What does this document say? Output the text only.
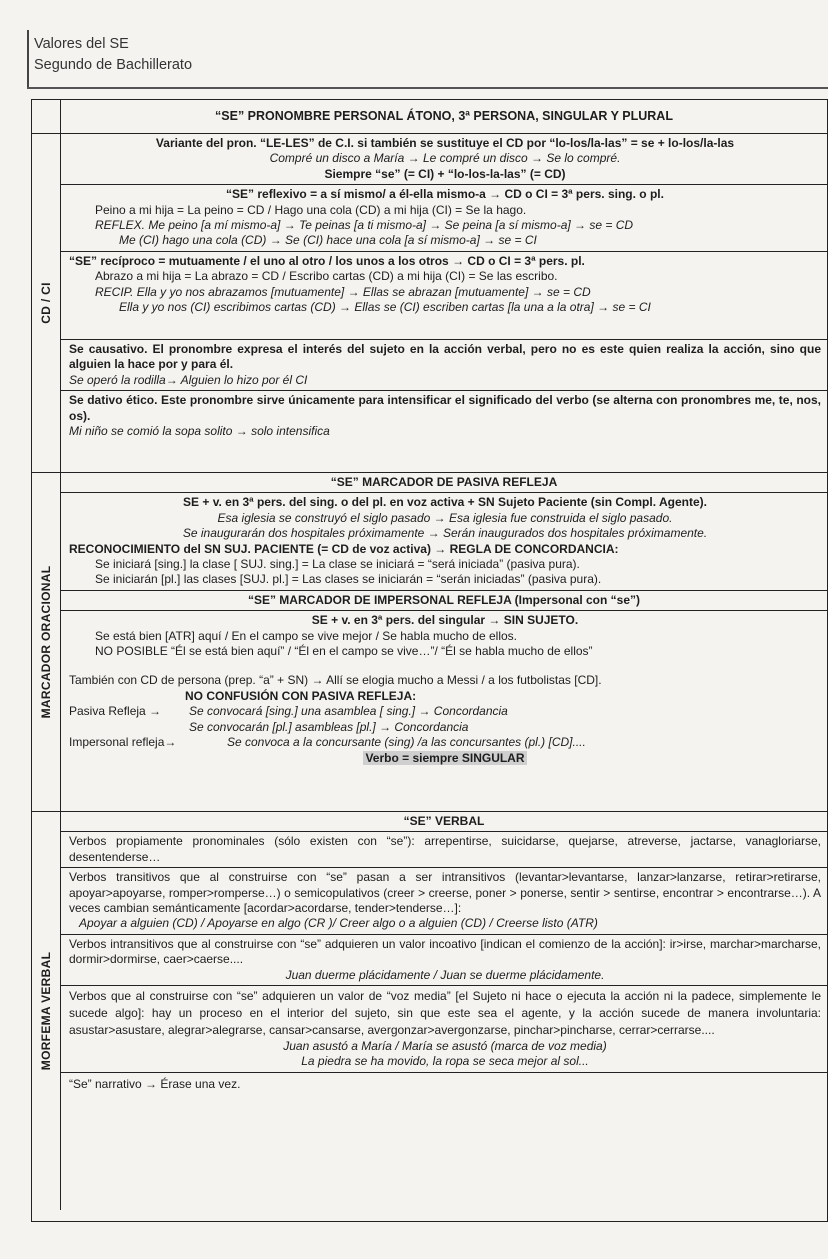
Valores del SE
Segundo de Bachillerato
“SE” PRONOMBRE PERSONAL ÁTONO, 3ª PERSONA, SINGULAR Y PLURAL
CD / CI
Variante del pron. “LE-LES” de C.I. si también se sustituye el CD por “lo-los/la-las” = se + lo-los/la-las
Compré un disco a María → Le compré un disco → Se lo compré.
Siempre “se” (= CI) + “lo-los-la-las” (= CD)
“SE” reflexivo = a sí mismo/ a él-ella mismo-a → CD o CI = 3ª pers. sing. o pl.
Peino a mi hija = La peino = CD / Hago una cola (CD) a mi hija (CI) = Se la hago.
REFLEX. Me peino [a mí mismo-a] → Te peinas [a ti mismo-a] → Se peina [a sí mismo-a] → se = CD
Me (CI) hago una cola (CD) → Se (CI) hace una cola [a sí mismo-a] → se = CI
“SE” recíproco = mutuamente / el uno al otro / los unos a los otros → CD o CI = 3ª pers. pl.
Abrazo a mi hija = La abrazo = CD / Escribo cartas (CD) a mi hija (CI) = Se las escribo.
RECIP. Ella y yo nos abrazamos [mutuamente] → Ellas se abrazan [mutuamente] → se = CD
Ella y yo nos (CI) escribimos cartas (CD) → Ellas se (CI) escriben cartas [la una a la otra] → se = CI
Se causativo. El pronombre expresa el interés del sujeto en la acción verbal, pero no es este quien realiza la acción, sino que alguien la hace por y para él.
Se operó la rodilla→ Alguien lo hizo por él CI
Se dativo ético. Este pronombre sirve únicamente para intensificar el significado del verbo (se alterna con pronombres me, te, nos, os).
Mi niño se comió la sopa solito → solo intensifica
MARCADOR ORACIONAL
“SE” MARCADOR DE PASIVA REFLEJA
SE + v. en 3ª pers. del sing. o del pl. en voz activa + SN Sujeto Paciente (sin Compl. Agente).
Esa iglesia se construyó el siglo pasado → Esa iglesia fue construida el siglo pasado.
Se inaugurarán dos hospitales próximamente → Serán inaugurados dos hospitales próximamente.
RECONOCIMIENTO del SN SUJ. PACIENTE (= CD de voz activa) → REGLA DE CONCORDANCIA:
Se iniciará [sing.] la clase [ SUJ. sing.] = La clase se iniciará = “será iniciada” (pasiva pura).
Se iniciarán [pl.] las clases [SUJ. pl.] = Las clases se iniciarán = “serán iniciadas” (pasiva pura).
“SE” MARCADOR DE IMPERSONAL REFLEJA (Impersonal con “se”)
SE + v. en 3ª pers. del singular → SIN SUJETO.
Se está bien [ATR] aquí / En el campo se vive mejor / Se habla mucho de ellos.
NO POSIBLE “Él se está bien aquí” / “Él en el campo se vive…”/ “Él se habla mucho de ellos”
También con CD de persona (prep. “a” + SN) → Allí se elogia mucho a Messi / a los futbolistas [CD].
NO CONFUSIÓN CON PASIVA REFLEJA:
Pasiva Refleja →	Se convocará [sing.] una asamblea [ sing.] → Concordancia
Se convocarán [pl.] asambleas [pl.] → Concordancia
Impersonal refleja→	Se convoca a la concursante (sing) /a las concursantes (pl.) [CD]....
Verbo = siempre SINGULAR
MORFEMA VERBAL
“SE” VERBAL
Verbos propiamente pronominales (sólo existen con “se”): arrepentirse, suicidarse, quejarse, atreverse, jactarse, vanagloriarse, desentenderse…
Verbos transitivos que al construirse con “se” pasan a ser intransitivos (levantar>levantarse, lanzar>lanzarse, retirar>retirarse, apoyar>apoyarse, romper>romperse…) o semicopulativos (creer > creerse, poner > ponerse, sentir > sentirse, encontrar > encontrarse…). A veces cambian semánticamente [acordar>acordarse, tender>tenderse…]:
Apoyar a alguien (CD) / Apoyarse en algo (CR )/ Creer algo o a alguien (CD) / Creerse listo (ATR)
Verbos intransitivos que al construirse con “se” adquieren un valor incoativo [indican el comienzo de la acción]: ir>irse, marchar>marcharse, dormir>dormirse, caer>caerse....
Juan duerme plácidamente / Juan se duerme plácidamente.
Verbos que al construirse con “se” adquieren un valor de “voz media” [el Sujeto ni hace o ejecuta la acción ni la padece, simplemente le sucede algo]: hay un proceso en el interior del sujeto, sin que este sea el agente, y la acción sucede de manera involuntaria: asustar>asustare, alegrar>alegrarse, cansar>cansarse, avergonzar>avergonzarse, pinchar>pincharse, cerrar>cerrarse....
Juan asustó a María / María se asustó (marca de voz media)
La piedra se ha movido, la ropa se seca mejor al sol...
“Se” narrativo → Érase una vez.
